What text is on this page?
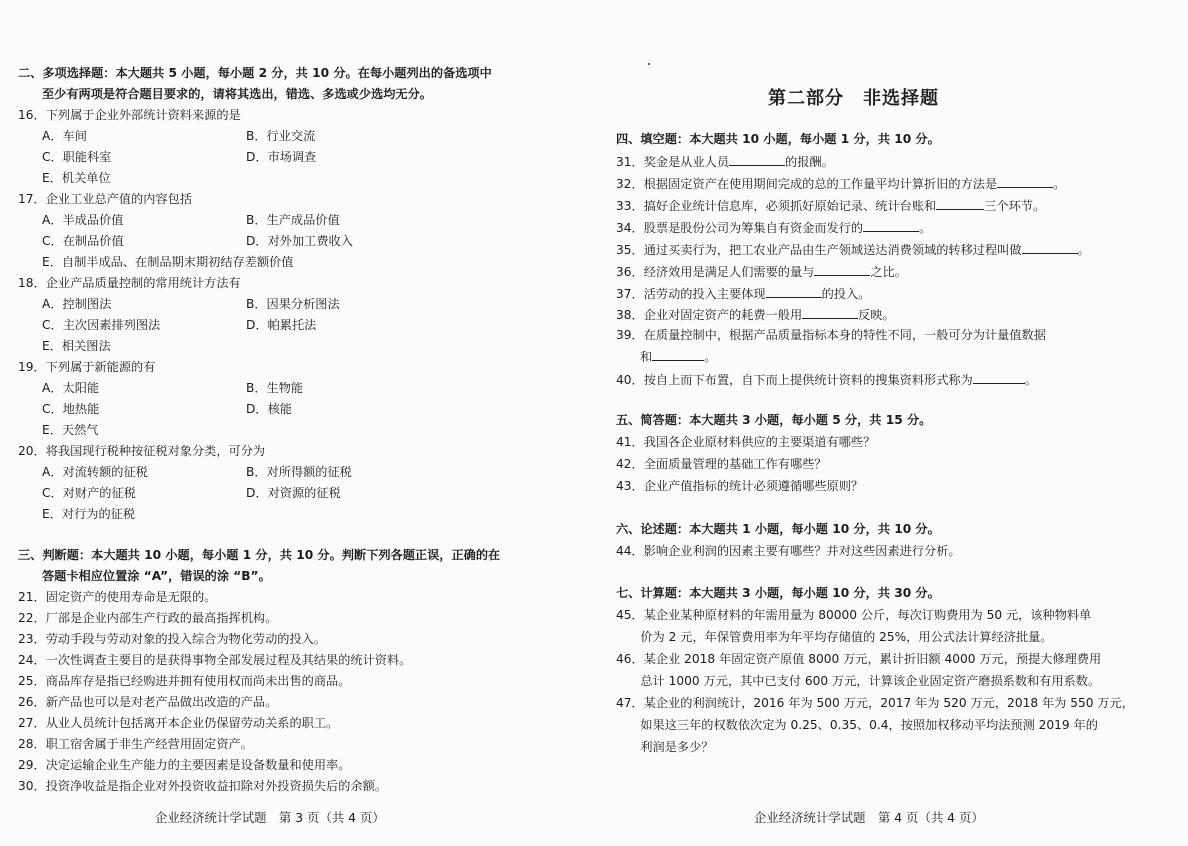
二、多项选择题：本大题共 5 小题，每小题 2 分，共 10 分。在每小题列出的备选项中
至少有两项是符合题目要求的，请将其选出，错选、多选或少选均无分。
16．下列属于企业外部统计资料来源的是
A．车间	B．行业交流
C．职能科室	D．市场调查
E．机关单位
17．企业工业总产值的内容包括
A．半成品价值	B．生产成品价值
C．在制品价值	D．对外加工费收入
E．自制半成品、在制品期末期初结存差额价值
18．企业产品质量控制的常用统计方法有
A．控制图法	B．因果分析图法
C．主次因素排列图法	D．帕累托法
E．相关图法
19．下列属于新能源的有
A．太阳能	B．生物能
C．地热能	D．核能
E．天然气
20．将我国现行税种按征税对象分类，可分为
A．对流转额的征税	B．对所得额的征税
C．对财产的征税	D．对资源的征税
E．对行为的征税
三、判断题：本大题共 10 小题，每小题 1 分，共 10 分。判断下列各题正误，正确的在
答题卡相应位置涂 “A”，错误的涂 “B”。
21．固定资产的使用寿命是无限的。
22．厂部是企业内部生产行政的最高指挥机构。
23．劳动手段与劳动对象的投入综合为物化劳动的投入。
24．一次性调查主要目的是获得事物全部发展过程及其结果的统计资料。
25．商品库存是指已经购进并拥有使用权而尚未出售的商品。
26．新产品也可以是对老产品做出改造的产品。
27．从业人员统计包括离开本企业仍保留劳动关系的职工。
28．职工宿舍属于非生产经营用固定资产。
29．决定运输企业生产能力的主要因素是设备数量和使用率。
30．投资净收益是指企业对外投资收益扣除对外投资损失后的余额。
企业经济统计学试题　第 3 页（共 4 页）
第二部分　非选择题
四、填空题：本大题共 10 小题，每小题 1 分，共 10 分。
31．奖金是从业人员	的报酬。
32．根据固定资产在使用期间完成的总的工作量平均计算折旧的方法是	。
33．搞好企业统计信息库，必须抓好原始记录、统计台账和	三个环节。
34．股票是股份公司为筹集自有资金而发行的	。
35．通过买卖行为，把工农业产品由生产领域送达消费领域的转移过程叫做	。
36．经济效用是满足人们需要的量与	之比。
37．活劳动的投入主要体现	的投入。
38．企业对固定资产的耗费一般用	反映。
39．在质量控制中，根据产品质量指标本身的特性不同，一般可分为计量值数据
和	。
40．按自上而下布置，自下而上提供统计资料的搜集资料形式称为	。
五、简答题：本大题共 3 小题，每小题 5 分，共 15 分。
41．我国各企业原材料供应的主要渠道有哪些？
42．全面质量管理的基础工作有哪些？
43．企业产值指标的统计必须遵循哪些原则？
六、论述题：本大题共 1 小题，每小题 10 分，共 10 分。
44．影响企业利润的因素主要有哪些？并对这些因素进行分析。
七、计算题：本大题共 3 小题，每小题 10 分，共 30 分。
45．某企业某种原材料的年需用量为 80000 公斤，每次订购费用为 50 元，该种物料单
　　价为 2 元，年保管费用率为年平均存储值的 25%，用公式法计算经济批量。
46．某企业 2018 年固定资产原值 8000 万元，累计折旧额 4000 万元，预提大修理费用
　　总计 1000 万元，其中已支付 600 万元，计算该企业固定资产磨损系数和有用系数。
47．某企业的利润统计，2016 年为 500 万元，2017 年为 520 万元，2018 年为 550 万元，
　　如果这三年的权数依次定为 0.25、0.35、0.4，按照加权移动平均法预测 2019 年的
　　利润是多少？
企业经济统计学试题　第 4 页（共 4 页）
